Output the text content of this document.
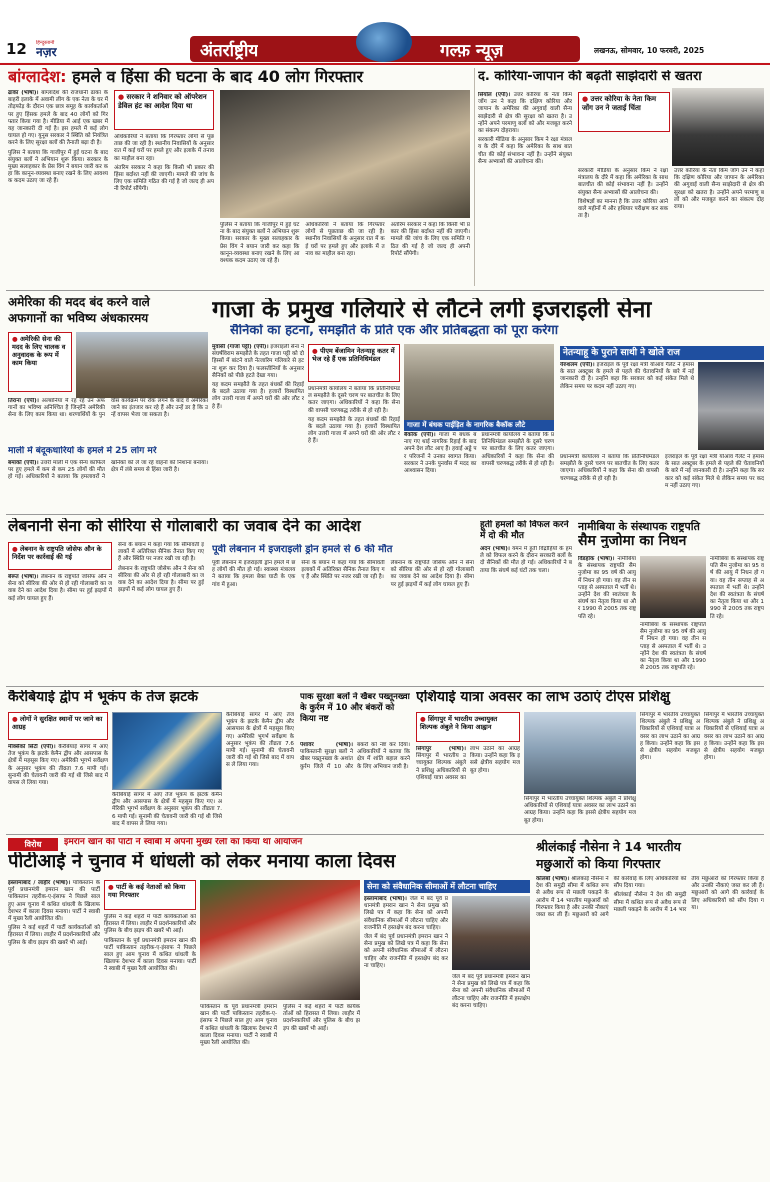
12 हिन्दुस्तानी
नज़र	अंतर्राष्ट्रीय	गल्फ़ न्यूज़	लखनऊ, सोमवार, 10 फरवरी, 2025
बांग्लादेश: हमले व हिंसा की घटना के बाद 40 लोग गिरफ्तार

ढाका (भाषा)। बांग्लादेश की राजधानी ढाका के बाहरी इलाके में अवामी लीग के एक नेता के घर में तोड़फोड़ के दौरान एक छात्र समूह के कार्यकर्ताओं पर हुए हिंसक हमले के बाद 40 लोगों को गिरफ्तार किया गया है। मीडिया में आई एक खबर में यह जानकारी दी गई है। इस हमले में कई लोग घायल हो गए। युनूस सरकार ने स्थिति को नियंत्रित करने के लिए सुरक्षा बलों की तैनाती बढ़ा दी है।

पुलिस ने बताया कि गाजीपुर में हुई घटना के बाद संयुक्त बलों ने अभियान शुरू किया। सरकार के मुख्य सलाहकार के प्रेस विंग ने बयान जारी कर कहा कि कानून-व्यवस्था बनाए रखने के लिए आवश्यक कदम उठाए जा रहे हैं।

● सरकार ने शनिवार को ऑपरेशन डेविल हंट का आदेश दिया था

अधिकारियों ने बताया कि गिरफ्तार लोगों से पूछताछ की जा रही है। स्थानीय निवासियों के अनुसार रात में कई घरों पर हमले हुए और इलाके में तनाव का माहौल बना रहा।

अंतरिम सरकार ने कहा कि किसी भी प्रकार की हिंसा बर्दाश्त नहीं की जाएगी। मामले की जांच के लिए एक समिति गठित की गई है जो जल्द ही अपनी रिपोर्ट सौंपेगी।

पुलिस ने बताया कि गाजीपुर में हुई घटना के बाद संयुक्त बलों ने अभियान शुरू किया। सरकार के मुख्य सलाहकार के प्रेस विंग ने बयान जारी कर कहा कि कानून-व्यवस्था बनाए रखने के लिए आवश्यक कदम उठाए जा रहे हैं।

अधिकारियों ने बताया कि गिरफ्तार लोगों से पूछताछ की जा रही है। स्थानीय निवासियों के अनुसार रात में कई घरों पर हमले हुए और इलाके में तनाव का माहौल बना रहा।

अंतरिम सरकार ने कहा कि किसी भी प्रकार की हिंसा बर्दाश्त नहीं की जाएगी। मामले की जांच के लिए एक समिति गठित की गई है जो जल्द ही अपनी रिपोर्ट सौंपेगी।

द. कोरिया-जापान की बढ़ती साझेदारी से खतरा

सियोल (एपी)। उत्तर कोरिया के नेता किम जोंग उन ने कहा कि दक्षिण कोरिया और जापान के अमेरिका की अगुवाई वाली सैन्य साझेदारी से क्षेत्र की सुरक्षा को खतरा है। उन्होंने अपने परमाणु बलों को और मजबूत करने का संकल्प दोहराया।

सरकारी मीडिया के अनुसार किम ने रक्षा मंत्रालय के दौरे में कहा कि अमेरिका के साथ बातचीत की कोई संभावना नहीं है। उन्होंने संयुक्त सैन्य अभ्यासों की आलोचना की।

● उत्तर कोरिया के नेता किम जोंग उन ने जताई चिंता

सरकारी मीडिया के अनुसार किम ने रक्षा मंत्रालय के दौरे में कहा कि अमेरिका के साथ बातचीत की कोई संभावना नहीं है। उन्होंने संयुक्त सैन्य अभ्यासों की आलोचना की।

विशेषज्ञों का मानना है कि उत्तर कोरिया आने वाले महीनों में और हथियार परीक्षण कर सकता है।

उत्तर कोरिया के नेता किम जोंग उन ने कहा कि दक्षिण कोरिया और जापान के अमेरिका की अगुवाई वाली सैन्य साझेदारी से क्षेत्र की सुरक्षा को खतरा है। उन्होंने अपने परमाणु बलों को और मजबूत करने का संकल्प दोहराया।

अमेरिका की मदद बंद करने वाले
अफगानों का भविष्य अंधकारमय
● अमेरिकी सेना की मदद के लिए चालक व अनुवादक के रूप में काम किया

तिराना (एपी)। अल्बानिया में रह रहे उन अफगानों का भविष्य अनिश्चित है जिन्होंने अमेरिकी सेना के लिए काम किया था। शरणार्थियों के पुनर्वास कार्यक्रम पर रोक लगने के बाद वे अमेरिका जाने का इंतजार कर रहे हैं और उन्हें डर है कि उन्हें वापस भेजा जा सकता है।

माली में बंदूकधारियों के हमले में 25 लोग मरे

बमाको (एपी)। उत्तरी माली में एक सैन्य काफिले पर हुए हमले में कम से कम 25 लोगों की मौत हो गई। अधिकारियों ने बताया कि हमलावरों ने खनिकों को ले जा रहे वाहनों को निशाना बनाया। क्षेत्र में लंबे समय से हिंसा जारी है।

गाजा के प्रमुख गलियारे से लौटने लगी इजराइली सेना
सैनिकों का हटना, समझौते के प्रति एक और प्रतिबद्धता को पूरा करेगा

मुवासी (गाजा पट्टी) (एपी)। इजराइली सेना ने संघर्षविराम समझौते के तहत गाजा पट्टी को दो हिस्सों में बांटने वाले नेत्जारिम गलियारे से हटना शुरू कर दिया है। फलस्तीनियों के अनुसार सैनिकों को पीछे हटते देखा गया।

यह कदम समझौते के तहत बंधकों की रिहाई के बदले उठाया गया है। हजारों विस्थापित लोग उत्तरी गाजा में अपने घरों की ओर लौट रहे हैं।

● पीएम बेंजामिन नेतन्याहू कतर में भेज रहे हैं एक प्रतिनिधिमंडल

प्रधानमंत्री कार्यालय ने बताया कि प्रतिनिधिमंडल समझौते के दूसरे चरण पर बातचीत के लिए कतर जाएगा। अधिकारियों ने कहा कि सेना की वापसी चरणबद्ध तरीके से हो रही है।

यह कदम समझौते के तहत बंधकों की रिहाई के बदले उठाया गया है। हजारों विस्थापित लोग उत्तरी गाजा में अपने घरों की ओर लौट रहे हैं।

गाजा में बंधक पाईड़ित के नागरिक बैकॉक लौटे

बैंकॉक (एपी)। गाजा में बंधक बनाए गए थाई नागरिक रिहाई के बाद अपने देश लौट आए हैं। हवाई अड्डे पर परिजनों ने उनका स्वागत किया। सरकार ने उनके पुनर्वास में मदद का आश्वासन दिया।

प्रधानमंत्री कार्यालय ने बताया कि प्रतिनिधिमंडल समझौते के दूसरे चरण पर बातचीत के लिए कतर जाएगा। अधिकारियों ने कहा कि सेना की वापसी चरणबद्ध तरीके से हो रही है।

नेतन्याहू के पुराने साथी ने खोले राज

येरुशलम (एपी)। इजराइल के पूर्व रक्षा मंत्री योआव गैलेंट ने हमास के सात अक्टूबर के हमले से पहले की चेतावनियों के बारे में नई जानकारी दी है। उन्होंने कहा कि सरकार को कई संकेत मिले थे लेकिन समय पर कदम नहीं उठाए गए।

प्रधानमंत्री कार्यालय ने बताया कि प्रतिनिधिमंडल समझौते के दूसरे चरण पर बातचीत के लिए कतर जाएगा। अधिकारियों ने कहा कि सेना की वापसी चरणबद्ध तरीके से हो रही है।

इजराइल के पूर्व रक्षा मंत्री योआव गैलेंट ने हमास के सात अक्टूबर के हमले से पहले की चेतावनियों के बारे में नई जानकारी दी है। उन्होंने कहा कि सरकार को कई संकेत मिले थे लेकिन समय पर कदम नहीं उठाए गए।

लेबनानी सेना को सीरिया से गोलाबारी का जवाब देने का आदेश
● लेबनान के राष्ट्रपति जोसेफ औन के निर्देश पर कार्रवाई की गई

बेरूत (भाषा)। लेबनान के राष्ट्रपति जोसेफ औन ने सेना को सीरिया की ओर से हो रही गोलाबारी का जवाब देने का आदेश दिया है। सीमा पर हुई झड़पों में कई लोग घायल हुए हैं।

सेना के बयान में कहा गया कि सीमावर्ती इलाकों में अतिरिक्त सैनिक तैनात किए गए हैं और स्थिति पर नजर रखी जा रही है।

लेबनान के राष्ट्रपति जोसेफ औन ने सेना को सीरिया की ओर से हो रही गोलाबारी का जवाब देने का आदेश दिया है। सीमा पर हुई झड़पों में कई लोग घायल हुए हैं।

पूर्वी लेबनान में इजराइली ड्रोन हमले से 6 की मौत

पूर्वी लेबनान में इजराइली ड्रोन हमले में छह लोगों की मौत हो गई। स्वास्थ्य मंत्रालय ने बताया कि हमला बेका घाटी के एक गांव में हुआ।

सेना के बयान में कहा गया कि सीमावर्ती इलाकों में अतिरिक्त सैनिक तैनात किए गए हैं और स्थिति पर नजर रखी जा रही है।

लेबनान के राष्ट्रपति जोसेफ औन ने सेना को सीरिया की ओर से हो रही गोलाबारी का जवाब देने का आदेश दिया है। सीमा पर हुई झड़पों में कई लोग घायल हुए हैं।

हूती हमलों को विफल करने में दो की मौत

अदन (भाषा)। यमन में हूती विद्रोहियों के हमले को विफल करने के दौरान सरकारी बलों के दो सैनिकों की मौत हो गई। अधिकारियों ने बताया कि संघर्ष कई घंटों तक चला।

नामीबिया के संस्थापक राष्ट्रपति
सैम नुजोमा का निधन

विंडहोक (भाषा)। नामीबिया के संस्थापक राष्ट्रपति सैम नुजोमा का 95 वर्ष की आयु में निधन हो गया। वह तीन सप्ताह से अस्पताल में भर्ती थे। उन्होंने देश की स्वतंत्रता के संघर्ष का नेतृत्व किया था और 1990 से 2005 तक राष्ट्रपति रहे।

नामीबिया के संस्थापक राष्ट्रपति सैम नुजोमा का 95 वर्ष की आयु में निधन हो गया। वह तीन सप्ताह से अस्पताल में भर्ती थे। उन्होंने देश की स्वतंत्रता के संघर्ष का नेतृत्व किया था और 1990 से 2005 तक राष्ट्रपति रहे।

नामीबिया के संस्थापक राष्ट्रपति सैम नुजोमा का 95 वर्ष की आयु में निधन हो गया। वह तीन सप्ताह से अस्पताल में भर्ती थे। उन्होंने देश की स्वतंत्रता के संघर्ष का नेतृत्व किया था और 1990 से 2005 तक राष्ट्रपति रहे।

कैरेबियाई द्वीप में भूकंप के तेज झटके
● लोगों ने सुरक्षित स्थानों पर जाने का आग्रह

मेक्सिको सिटी (एपी)। कैरेबियाई सागर में आए तेज भूकंप के झटके केमैन द्वीप और आसपास के क्षेत्रों में महसूस किए गए। अमेरिकी भूगर्भ सर्वेक्षण के अनुसार भूकंप की तीव्रता 7.6 मापी गई। सुनामी की चेतावनी जारी की गई थी जिसे बाद में वापस ले लिया गया।

कैरेबियाई सागर में आए तेज भूकंप के झटके केमैन द्वीप और आसपास के क्षेत्रों में महसूस किए गए। अमेरिकी भूगर्भ सर्वेक्षण के अनुसार भूकंप की तीव्रता 7.6 मापी गई। सुनामी की चेतावनी जारी की गई थी जिसे बाद में वापस ले लिया गया।

कैरेबियाई सागर में आए तेज भूकंप के झटके केमैन द्वीप और आसपास के क्षेत्रों में महसूस किए गए। अमेरिकी भूगर्भ सर्वेक्षण के अनुसार भूकंप की तीव्रता 7.6 मापी गई। सुनामी की चेतावनी जारी की गई थी जिसे बाद में वापस ले लिया गया।

पाक सुरक्षा बलों ने खैबर पख्तूनख्वा के कुर्रम में 10 और बंकरों को किया नष्ट

पेशावर (भाषा)। पाकिस्तानी सुरक्षा बलों ने खैबर पख्तूनख्वा के अशांत कुर्रम जिले में 10 और बंकरों को नष्ट कर दिया। अधिकारियों ने बताया कि क्षेत्र में शांति बहाल करने के लिए अभियान जारी है।

एशियाई यात्रा अवसर का लाभ उठाएं टीएस प्रशिक्षु
● सिंगापुर में भारतीय उच्चायुक्त शिल्पक अंबुले ने किया आह्वान

सिंगापुर (भाषा)। सिंगापुर में भारतीय उच्चायुक्त शिल्पक अंबुले ने प्रशिक्षु अधिकारियों से एशियाई यात्रा अवसर का लाभ उठाने का आग्रह किया। उन्होंने कहा कि इससे क्षेत्रीय सहयोग मजबूत होगा।

सिंगापुर में भारतीय उच्चायुक्त शिल्पक अंबुले ने प्रशिक्षु अधिकारियों से एशियाई यात्रा अवसर का लाभ उठाने का आग्रह किया। उन्होंने कहा कि इससे क्षेत्रीय सहयोग मजबूत होगा।

सिंगापुर में भारतीय उच्चायुक्त शिल्पक अंबुले ने प्रशिक्षु अधिकारियों से एशियाई यात्रा अवसर का लाभ उठाने का आग्रह किया। उन्होंने कहा कि इससे क्षेत्रीय सहयोग मजबूत होगा।

सिंगापुर में भारतीय उच्चायुक्त शिल्पक अंबुले ने प्रशिक्षु अधिकारियों से एशियाई यात्रा अवसर का लाभ उठाने का आग्रह किया। उन्होंने कहा कि इससे क्षेत्रीय सहयोग मजबूत होगा।

विरोध	इमरान खान की पार्टी ने स्वाबी में अपनी मुख्य रैली का किया था आयोजन
पीटीआई ने चुनाव में धांधली को लेकर मनाया काला दिवस

इस्लामाबाद / लाहौर (भाषा)। पाकिस्तान के पूर्व प्रधानमंत्री इमरान खान की पार्टी पाकिस्तान तहरीक-ए-इंसाफ ने पिछले साल हुए आम चुनाव में कथित धांधली के खिलाफ देशभर में काला दिवस मनाया। पार्टी ने स्वाबी में मुख्य रैली आयोजित की।

पुलिस ने कई शहरों में पार्टी कार्यकर्ताओं को हिरासत में लिया। लाहौर में प्रदर्शनकारियों और पुलिस के बीच झड़प की खबरें भी आईं।

● पार्टी के कई नेताओं को किया गया गिरफ्तार

पुलिस ने कई शहरों में पार्टी कार्यकर्ताओं को हिरासत में लिया। लाहौर में प्रदर्शनकारियों और पुलिस के बीच झड़प की खबरें भी आईं।

पाकिस्तान के पूर्व प्रधानमंत्री इमरान खान की पार्टी पाकिस्तान तहरीक-ए-इंसाफ ने पिछले साल हुए आम चुनाव में कथित धांधली के खिलाफ देशभर में काला दिवस मनाया। पार्टी ने स्वाबी में मुख्य रैली आयोजित की।

पाकिस्तान के पूर्व प्रधानमंत्री इमरान खान की पार्टी पाकिस्तान तहरीक-ए-इंसाफ ने पिछले साल हुए आम चुनाव में कथित धांधली के खिलाफ देशभर में काला दिवस मनाया। पार्टी ने स्वाबी में मुख्य रैली आयोजित की।

पुलिस ने कई शहरों में पार्टी कार्यकर्ताओं को हिरासत में लिया। लाहौर में प्रदर्शनकारियों और पुलिस के बीच झड़प की खबरें भी आईं।

सेना को संवैधानिक सीमाओं में लौटना चाहिए

इस्लामाबाद (भाषा)। जेल में बंद पूर्व प्रधानमंत्री इमरान खान ने सेना प्रमुख को लिखे पत्र में कहा कि सेना को अपनी संवैधानिक सीमाओं में लौटना चाहिए और राजनीति में हस्तक्षेप बंद करना चाहिए।

जेल में बंद पूर्व प्रधानमंत्री इमरान खान ने सेना प्रमुख को लिखे पत्र में कहा कि सेना को अपनी संवैधानिक सीमाओं में लौटना चाहिए और राजनीति में हस्तक्षेप बंद करना चाहिए।

जेल में बंद पूर्व प्रधानमंत्री इमरान खान ने सेना प्रमुख को लिखे पत्र में कहा कि सेना को अपनी संवैधानिक सीमाओं में लौटना चाहिए और राजनीति में हस्तक्षेप बंद करना चाहिए।

श्रीलंकाई नौसेना ने 14 भारतीय
मछुआरों को किया गिरफ्तार

कोलंबो (भाषा)। श्रीलंकाई नौसेना ने देश की समुद्री सीमा में कथित रूप से अवैध रूप से मछली पकड़ने के आरोप में 14 भारतीय मछुआरों को गिरफ्तार किया है और उनकी नौकाएं जब्त कर ली हैं। मछुआरों को आगे की कार्रवाई के लिए अधिकारियों को सौंप दिया गया।

श्रीलंकाई नौसेना ने देश की समुद्री सीमा में कथित रूप से अवैध रूप से मछली पकड़ने के आरोप में 14 भारतीय मछुआरों को गिरफ्तार किया है और उनकी नौकाएं जब्त कर ली हैं। मछुआरों को आगे की कार्रवाई के लिए अधिकारियों को सौंप दिया गया।
